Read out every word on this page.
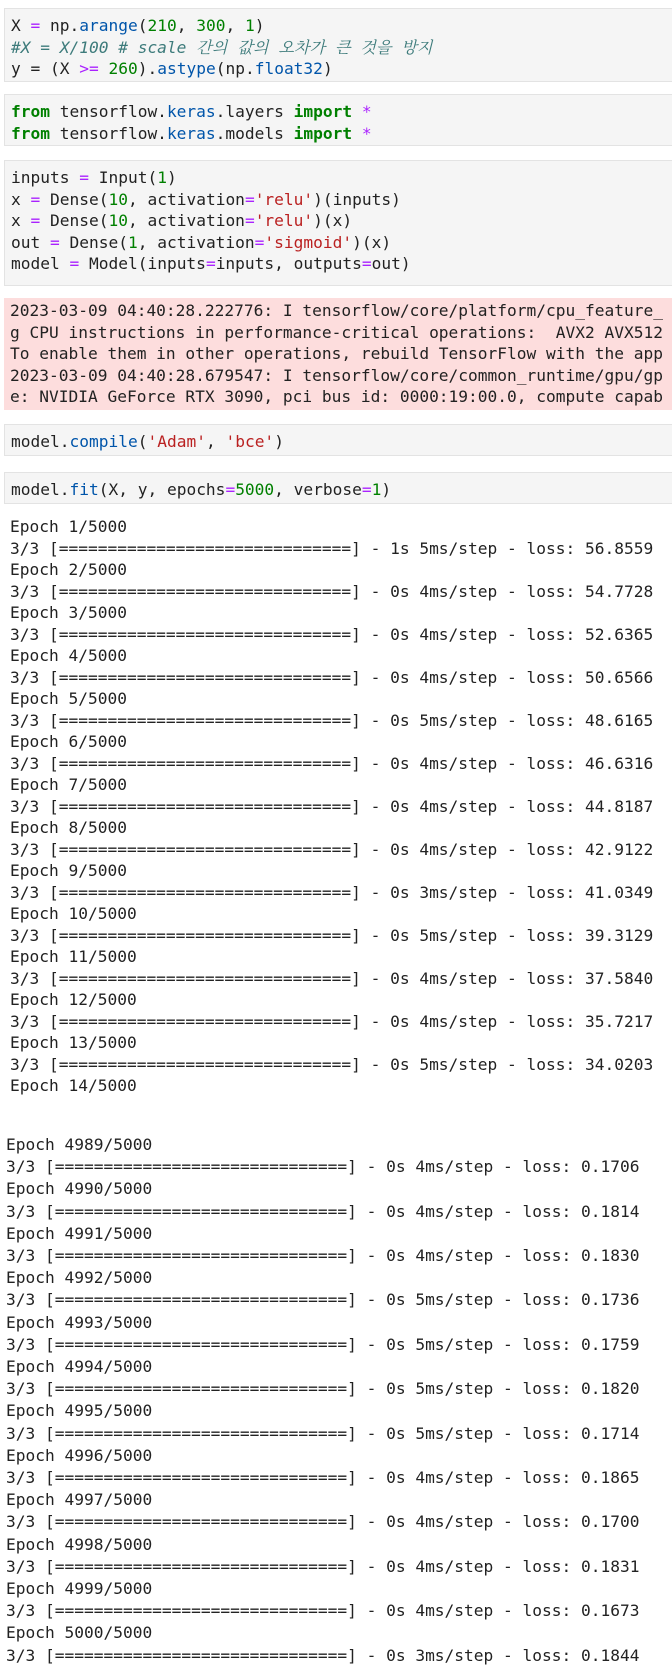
X = np.arange(210, 300, 1)
#X = X/100 # scale 간의 값의 오차가 큰 것을 방지
y = (X >= 260).astype(np.float32)
from tensorflow.keras.layers import *
from tensorflow.keras.models import *
inputs = Input(1)
x = Dense(10, activation='relu')(inputs)
x = Dense(10, activation='relu')(x)
out = Dense(1, activation='sigmoid')(x)
model = Model(inputs=inputs, outputs=out)
2023-03-09 04:40:28.222776: I tensorflow/core/platform/cpu_feature_
g CPU instructions in performance-critical operations:  AVX2 AVX512
To enable them in other operations, rebuild TensorFlow with the app
2023-03-09 04:40:28.679547: I tensorflow/core/common_runtime/gpu/gp
e: NVIDIA GeForce RTX 3090, pci bus id: 0000:19:00.0, compute capab
model.compile('Adam', 'bce')
model.fit(X, y, epochs=5000, verbose=1)
Epoch 1/5000
3/3 [==============================] - 1s 5ms/step - loss: 56.8559
Epoch 2/5000
3/3 [==============================] - 0s 4ms/step - loss: 54.7728
Epoch 3/5000
3/3 [==============================] - 0s 4ms/step - loss: 52.6365
Epoch 4/5000
3/3 [==============================] - 0s 4ms/step - loss: 50.6566
Epoch 5/5000
3/3 [==============================] - 0s 5ms/step - loss: 48.6165
Epoch 6/5000
3/3 [==============================] - 0s 4ms/step - loss: 46.6316
Epoch 7/5000
3/3 [==============================] - 0s 4ms/step - loss: 44.8187
Epoch 8/5000
3/3 [==============================] - 0s 4ms/step - loss: 42.9122
Epoch 9/5000
3/3 [==============================] - 0s 3ms/step - loss: 41.0349
Epoch 10/5000
3/3 [==============================] - 0s 5ms/step - loss: 39.3129
Epoch 11/5000
3/3 [==============================] - 0s 4ms/step - loss: 37.5840
Epoch 12/5000
3/3 [==============================] - 0s 4ms/step - loss: 35.7217
Epoch 13/5000
3/3 [==============================] - 0s 5ms/step - loss: 34.0203
Epoch 14/5000
Epoch 4989/5000
3/3 [==============================] - 0s 4ms/step - loss: 0.1706
Epoch 4990/5000
3/3 [==============================] - 0s 4ms/step - loss: 0.1814
Epoch 4991/5000
3/3 [==============================] - 0s 4ms/step - loss: 0.1830
Epoch 4992/5000
3/3 [==============================] - 0s 5ms/step - loss: 0.1736
Epoch 4993/5000
3/3 [==============================] - 0s 5ms/step - loss: 0.1759
Epoch 4994/5000
3/3 [==============================] - 0s 5ms/step - loss: 0.1820
Epoch 4995/5000
3/3 [==============================] - 0s 5ms/step - loss: 0.1714
Epoch 4996/5000
3/3 [==============================] - 0s 4ms/step - loss: 0.1865
Epoch 4997/5000
3/3 [==============================] - 0s 4ms/step - loss: 0.1700
Epoch 4998/5000
3/3 [==============================] - 0s 4ms/step - loss: 0.1831
Epoch 4999/5000
3/3 [==============================] - 0s 4ms/step - loss: 0.1673
Epoch 5000/5000
3/3 [==============================] - 0s 3ms/step - loss: 0.1844
